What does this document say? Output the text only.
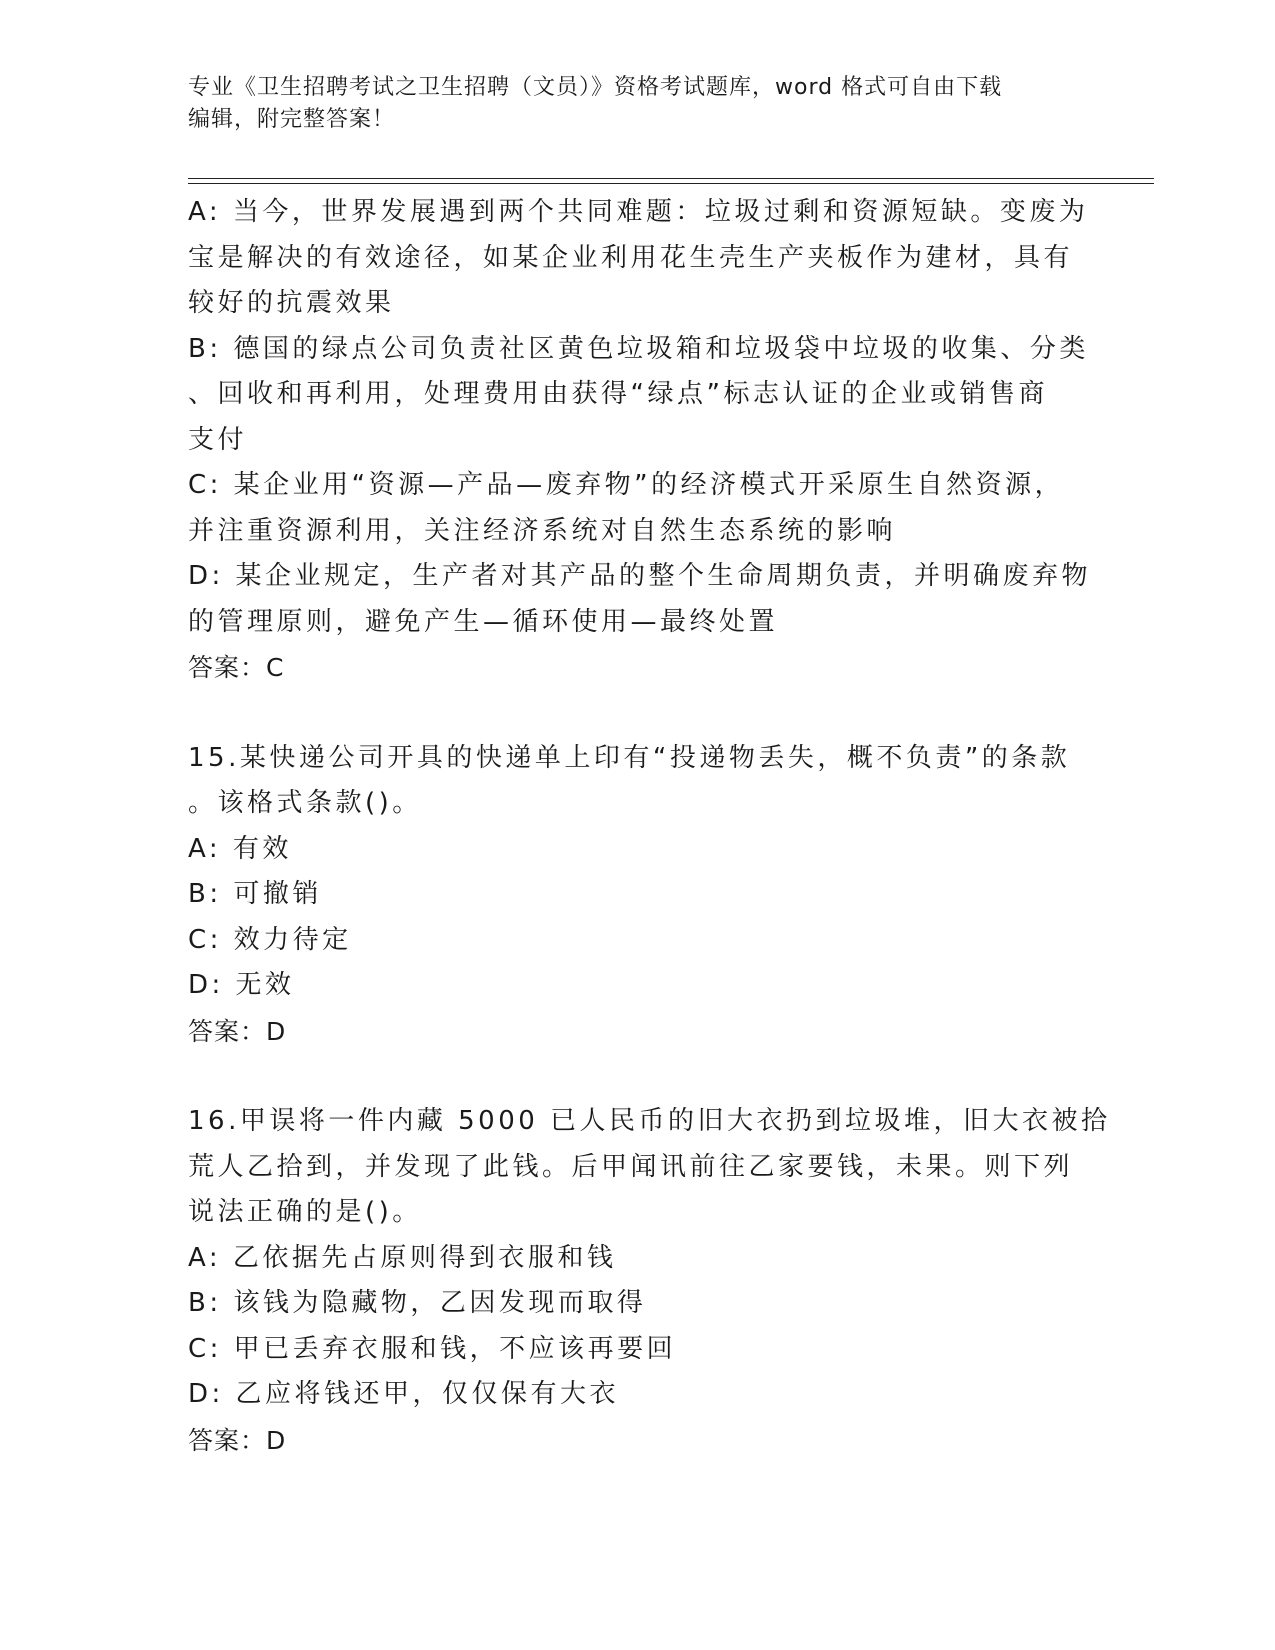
专业《卫生招聘考试之卫生招聘（文员）》资格考试题库，word 格式可自由下载
编辑，附完整答案！
A: 当今，世界发展遇到两个共同难题：垃圾过剩和资源短缺。变废为
宝是解决的有效途径，如某企业利用花生壳生产夹板作为建材，具有
较好的抗震效果
B: 德国的绿点公司负责社区黄色垃圾箱和垃圾袋中垃圾的收集、分类
、回收和再利用，处理费用由获得“绿点”标志认证的企业或销售商
支付
C: 某企业用“资源—产品—废弃物”的经济模式开采原生自然资源，
并注重资源利用，关注经济系统对自然生态系统的影响
D: 某企业规定，生产者对其产品的整个生命周期负责，并明确废弃物
的管理原则，避免产生—循环使用—最终处置
答案：C
15.某快递公司开具的快递单上印有“投递物丢失，概不负责”的条款
。该格式条款()。
A: 有效
B: 可撤销
C: 效力待定
D: 无效
答案：D
16.甲误将一件内藏 5000 已人民币的旧大衣扔到垃圾堆，旧大衣被拾
荒人乙拾到，并发现了此钱。后甲闻讯前往乙家要钱，未果。则下列
说法正确的是()。
A: 乙依据先占原则得到衣服和钱
B: 该钱为隐藏物，乙因发现而取得
C: 甲已丢弃衣服和钱，不应该再要回
D: 乙应将钱还甲，仅仅保有大衣
答案：D
